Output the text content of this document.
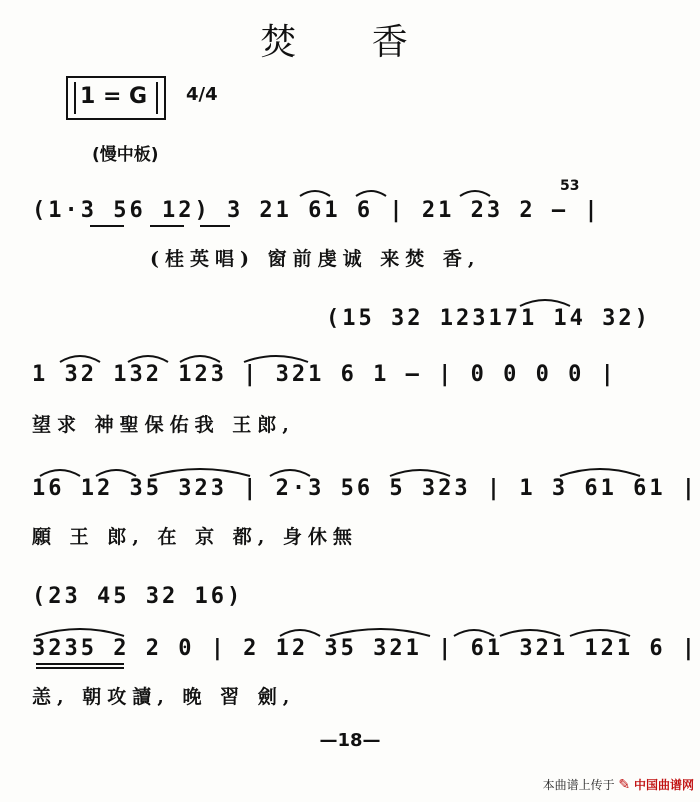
焚 香
1 = G 4/4
(慢中板)
(1·3 56 12) 3 21 61 6 | 21 23 2 — |
53
(桂英唱) 窗前虔诚 来焚 香,
(15 32 123171 14 32)
1 32 132 123 | 321 6 1 — | 0 0 0 0 |
望求 神聖保佑我 王郎,
16 12 35 323 | 2·3 56 5 323 | 1 3 61 61 |
願 王 郎, 在 京 都, 身休無
(23 45 32 16)
3235 2 2 0 | 2 12 35 321 | 61 321 121 6 |
恙, 朝攻讀, 晚 習 劍,
—18—
本曲谱上传于 ✎ 中国曲谱网
